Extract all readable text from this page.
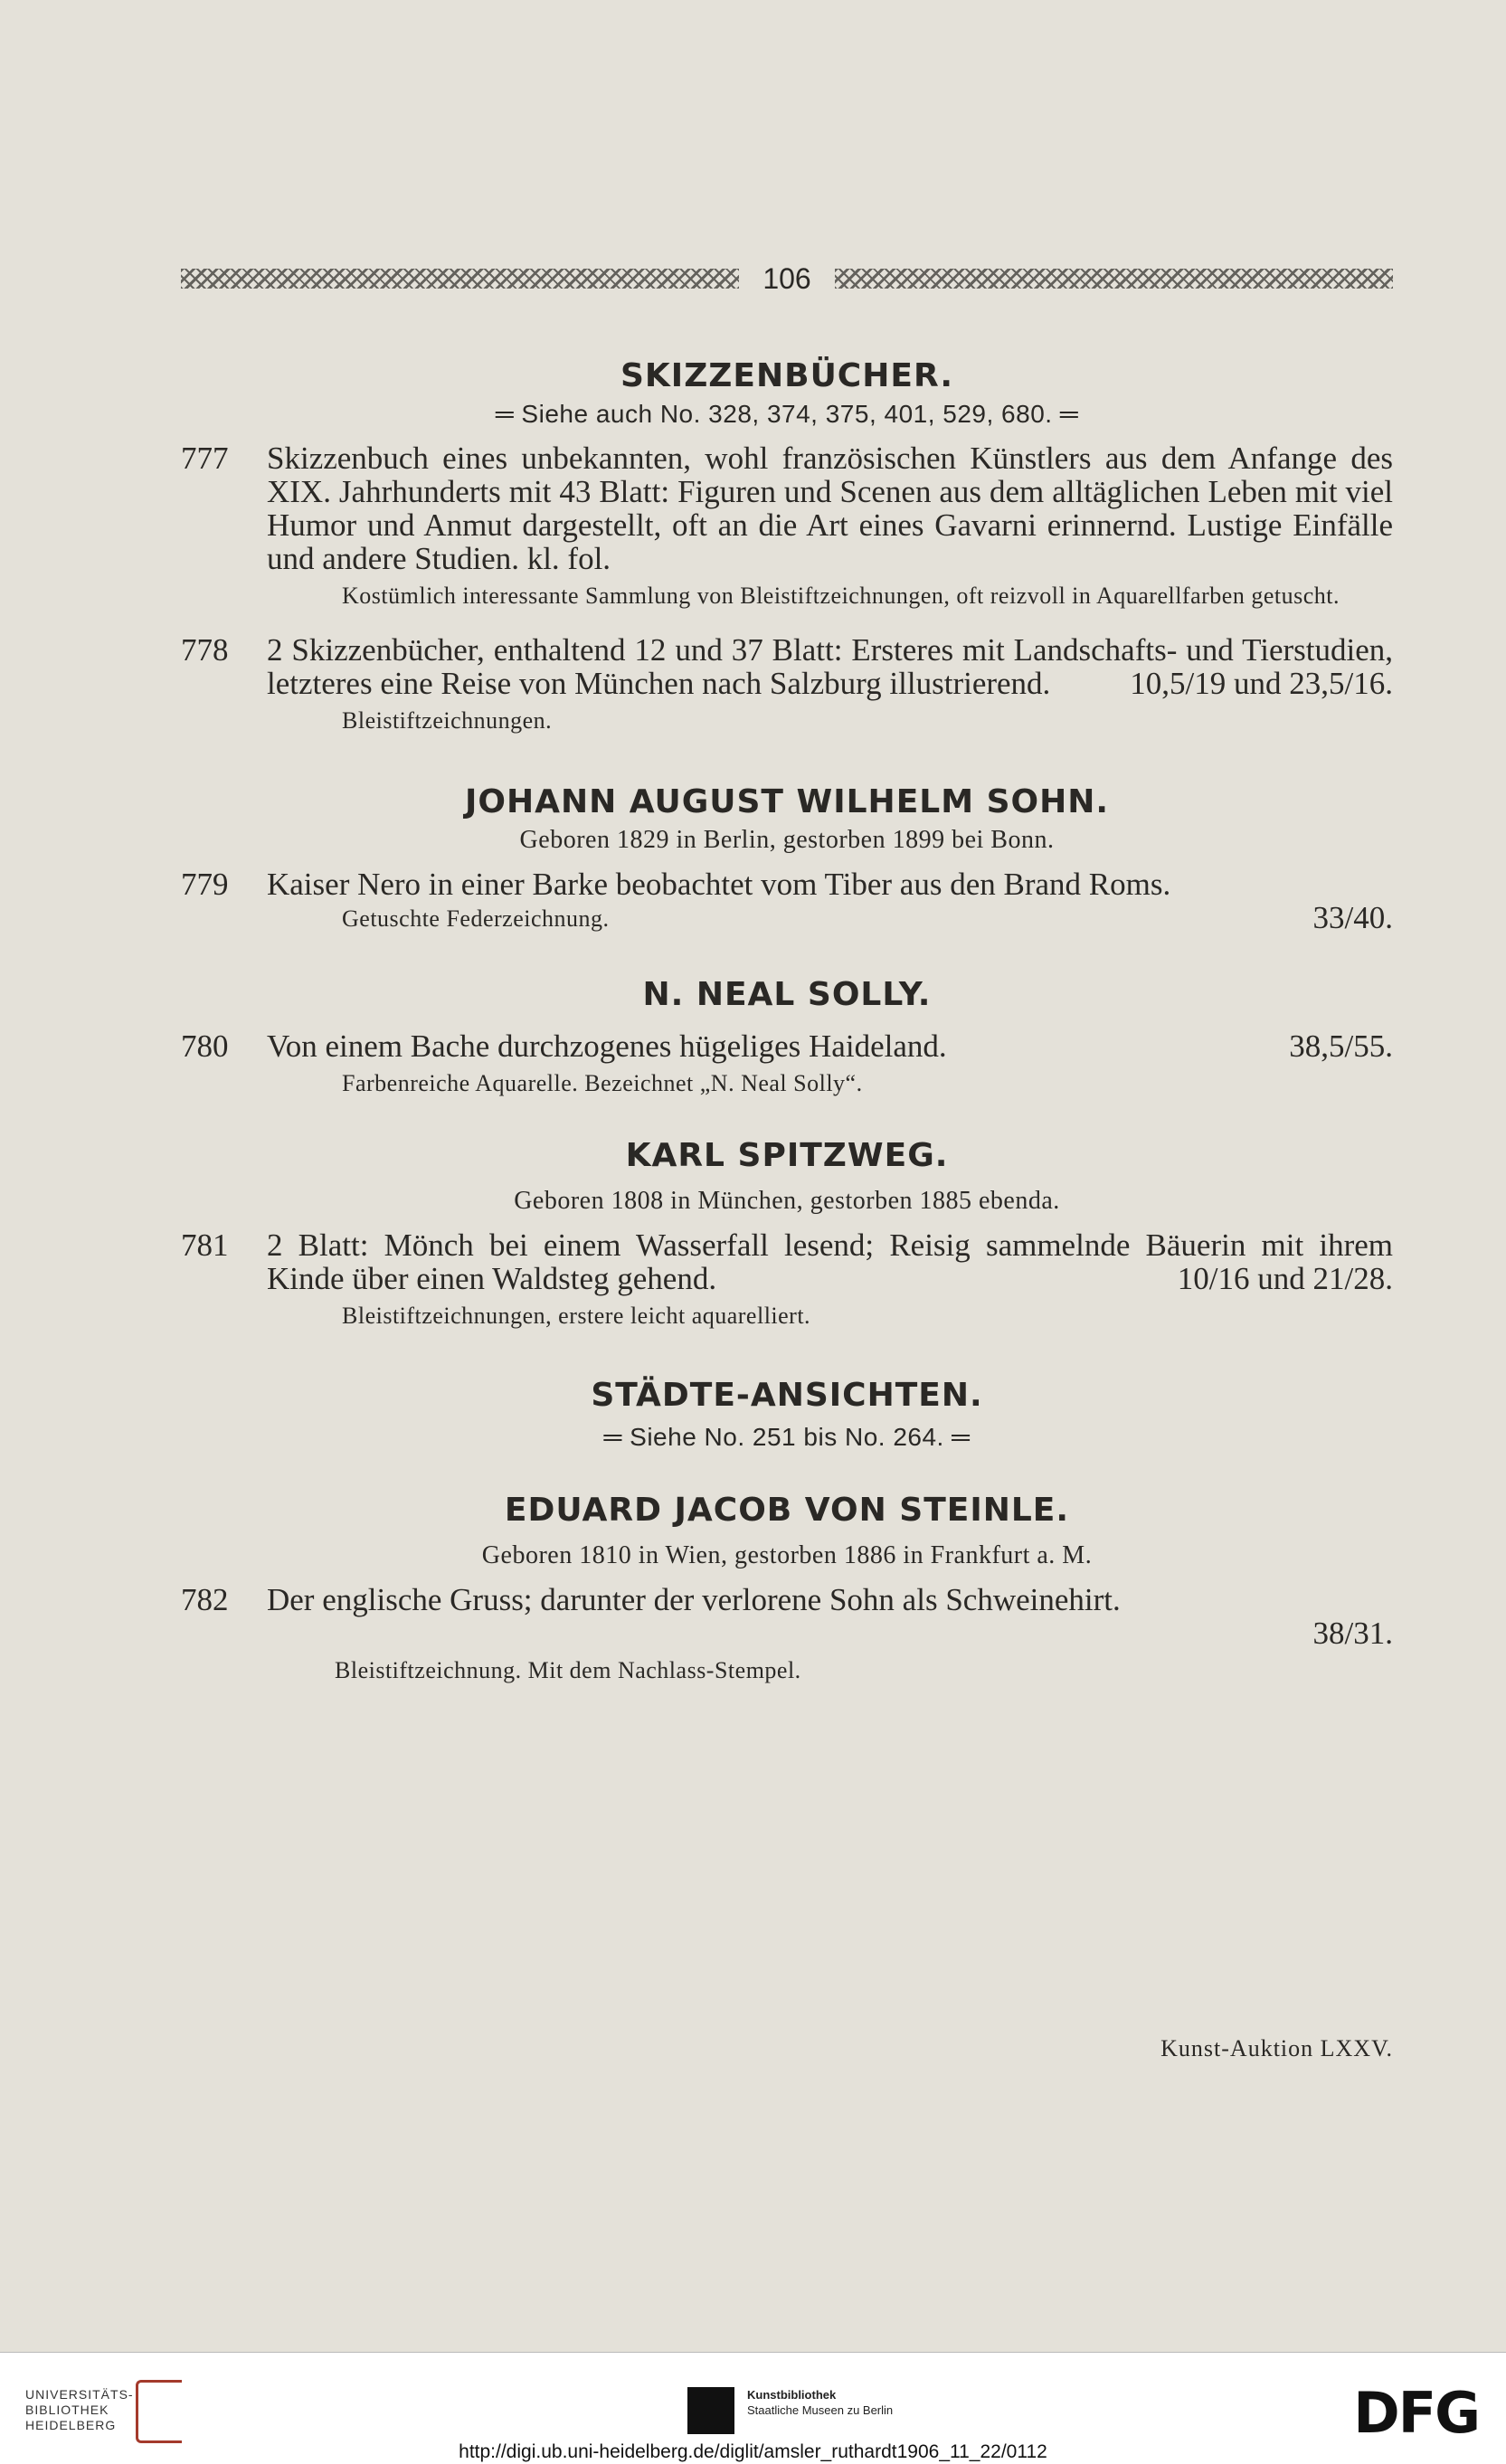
106
SKIZZENBÜCHER.
═ Siehe auch No. 328, 374, 375, 401, 529, 680. ═
777	Skizzenbuch eines unbekannten, wohl französischen Künstlers aus dem Anfange des XIX. Jahrhunderts mit 43 Blatt: Figuren und Scenen aus dem alltäglichen Leben mit viel Humor und Anmut dargestellt, oft an die Art eines Gavarni erinnernd. Lustige Einfälle und andere Studien. kl. fol.
Kostümlich interessante Sammlung von Bleistiftzeichnungen, oft reizvoll in Aquarellfarben getuscht.
778	2 Skizzenbücher, enthaltend 12 und 37 Blatt: Ersteres mit Landschafts- und Tierstudien, letzteres eine Reise von München nach Salzburg illustrierend.	10,5/19 und 23,5/16.
Bleistiftzeichnungen.
JOHANN AUGUST WILHELM SOHN.
Geboren 1829 in Berlin, gestorben 1899 bei Bonn.
779	Kaiser Nero in einer Barke beobachtet vom Tiber aus den Brand Roms.
33/40.
Getuschte Federzeichnung.
N. NEAL SOLLY.
780	Von einem Bache durchzogenes hügeliges Haideland.	38,5/55.
Farbenreiche Aquarelle. Bezeichnet „N. Neal Solly“.
KARL SPITZWEG.
Geboren 1808 in München, gestorben 1885 ebenda.
781	2 Blatt: Mönch bei einem Wasserfall lesend; Reisig sammelnde Bäuerin mit ihrem Kinde über einen Waldsteg gehend.	10/16 und 21/28.
Bleistiftzeichnungen, erstere leicht aquarelliert.
STÄDTE-ANSICHTEN.
═ Siehe No. 251 bis No. 264. ═
EDUARD JACOB VON STEINLE.
Geboren 1810 in Wien, gestorben 1886 in Frankfurt a. M.
782	Der englische Gruss; darunter der verlorene Sohn als Schweinehirt.
38/31.
Bleistiftzeichnung. Mit dem Nachlass-Stempel.
Kunst-Auktion LXXV.
UNIVERSITÄTS-
BIBLIOTHEK
HEIDELBERG
Kunstbibliothek
Staatliche Museen zu Berlin	DFG
http://digi.ub.uni-heidelberg.de/diglit/amsler_ruthardt1906_11_22/0112
